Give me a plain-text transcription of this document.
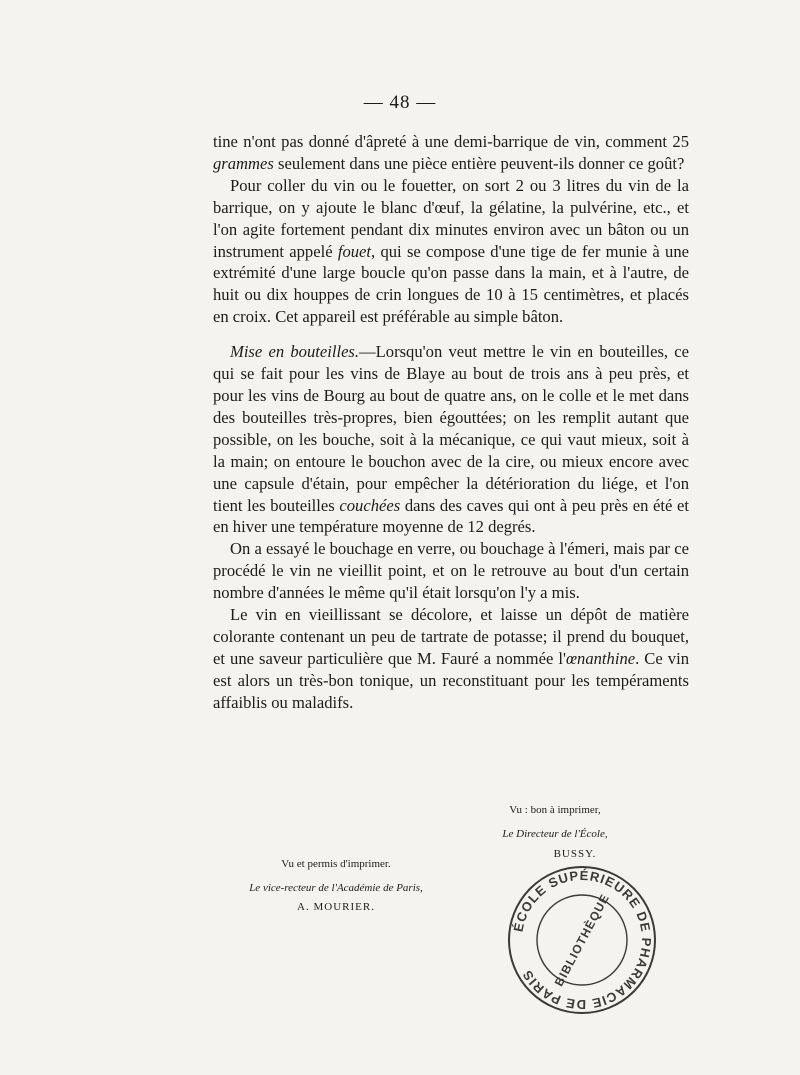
— 48 —

tine n'ont pas donné d'âpreté à une demi-barrique de vin, comment 25 grammes seulement dans une pièce entière peuvent-ils donner ce goût?

Pour coller du vin ou le fouetter, on sort 2 ou 3 litres du vin de la barrique, on y ajoute le blanc d'œuf, la gélatine, la pulvérine, etc., et l'on agite fortement pendant dix minutes environ avec un bâton ou un instrument appelé fouet, qui se compose d'une tige de fer munie à une extrémité d'une large boucle qu'on passe dans la main, et à l'autre, de huit ou dix houppes de crin longues de 10 à 15 centimètres, et placés en croix. Cet appareil est préférable au simple bâton.

Mise en bouteilles.—Lorsqu'on veut mettre le vin en bouteilles, ce qui se fait pour les vins de Blaye au bout de trois ans à peu près, et pour les vins de Bourg au bout de quatre ans, on le colle et le met dans des bouteilles très-propres, bien égouttées; on les remplit autant que possible, on les bouche, soit à la mécanique, ce qui vaut mieux, soit à la main; on entoure le bouchon avec de la cire, ou mieux encore avec une capsule d'étain, pour empêcher la détérioration du liége, et l'on tient les bouteilles couchées dans des caves qui ont à peu près en été et en hiver une température moyenne de 12 degrés.

On a essayé le bouchage en verre, ou bouchage à l'émeri, mais par ce procédé le vin ne vieillit point, et on le retrouve au bout d'un certain nombre d'années le même qu'il était lorsqu'on l'y a mis.

Le vin en vieillissant se décolore, et laisse un dépôt de matière colorante contenant un peu de tartrate de potasse; il prend du bouquet, et une saveur particulière que M. Fauré a nommée l'œnanthine. Ce vin est alors un très-bon tonique, un reconstituant pour les tempéraments affaiblis ou maladifs.

Vu : bon à imprimer,
Le Directeur de l'École,
BUSSY.
Vu et permis d'imprimer.
Le vice-recteur de l'Académie de Paris,
A. MOURIER.
ÉCOLE SUPÉRIEURE DE PHARMACIE DE PARIS	BIBLIOTHÈQUE
